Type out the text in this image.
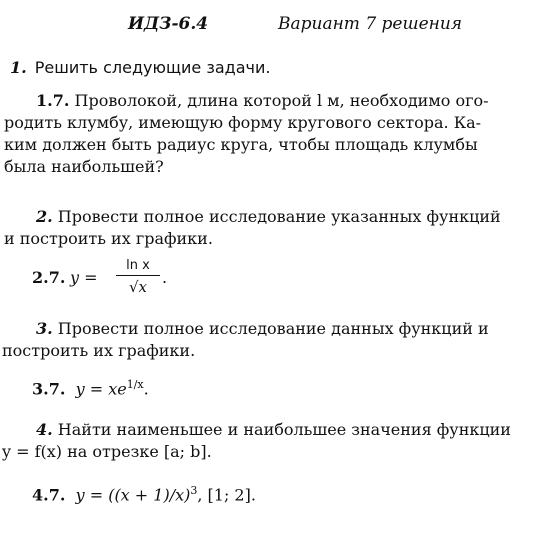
ИДЗ-6.4	Вариант 7 решения
1. Решить следующие задачи.

1.7. Проволокой, длина которой l м, необходимо ого-

родить клумбу, имеющую форму кругового сектора. Ка-

ким должен быть радиус круга, чтобы площадь клумбы

была наибольшей?

2. Провести полное исследование указанных функций

и построить их графики.

2.7. y =
ln x
√x .

3. Провести полное исследование данных функций и

построить их графики.

3.7. $y = xe^{1/x}$.

4. Найти наименьшее и наибольшее значения функции

y = f(x) на отрезке [a; b].

4.7. $y = ((x + 1)/x)^3$, [1; 2].
